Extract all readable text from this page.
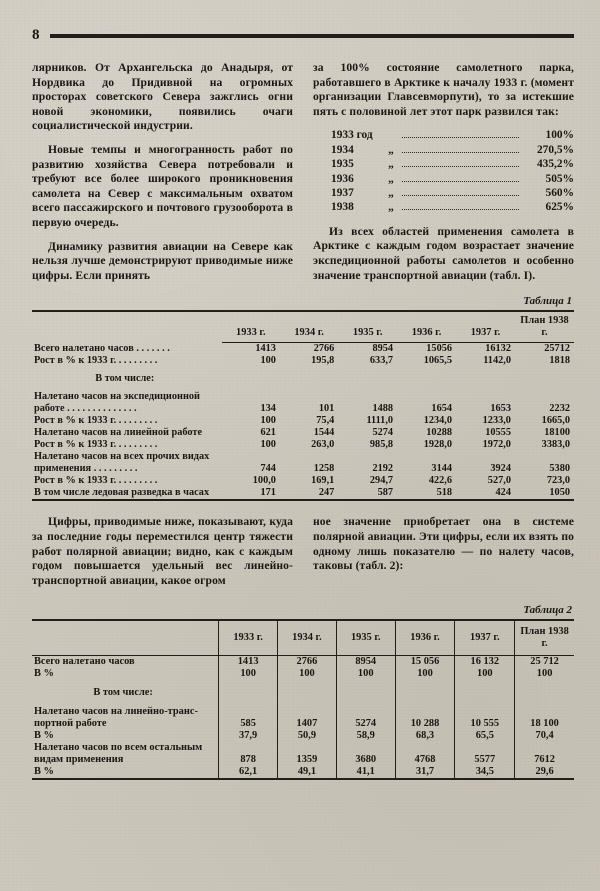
8

лярников. От Архангельска до Анадыря, от Нордвика до Придивной на огромных просторах советского Севера зажглись огни новой экономики, появились очаги социалистической индустрии.

Новые темпы и многогранность работ по развитию хозяйства Севера потребовали и требуют все более широкого проникновения самолета на Север с максимальным охватом всего пассажирского и почтового грузооборота в первую очередь.

Динамику развития авиации на Севере как нельзя лучше демонстрируют приводимые ниже цифры. Если принять

за 100% состояние самолетного парка, работавшего в Арктике к началу 1933 г. (момент организации Главсевморпути), то за истекшие пять с половиной лет этот парк развился так:

1933 год	100%
1934	„	270,5%
1935	„	435,2%
1936	„	505%
1937	„	560%
1938	„	625%

Из всех областей применения самолета в Арктике с каждым годом возрастает значение экспедиционной работы самолетов и особенно значение транспортной авиации (табл. I).

Таблица 1
	1933 г.	1934 г.	1935 г.	1936 г.	1937 г.	План 1938 г.
Всего налетано часов . . . . . . .	1413	2766	8954	15056	16132	25712
Рост в % к 1933 г. . . . . . . . .	100	195,8	633,7	1065,5	1142,0	1818

В том числе:						

Налетано часов на экспедиционной работе . . . . . . . . . . . . . .	134	101	1488	1654	1653	2232
Рост в % к 1933 г. . . . . . . . .	100	75,4	1111,0	1234,0	1233,0	1665,0
Налетано часов на линейной работе	621	1544	5274	10288	10555	18100
Рост в % к 1933 г. . . . . . . . .	100	263,0	985,8	1928,0	1972,0	3383,0
Налетано часов на всех прочих видах применения . . . . . . . . .	744	1258	2192	3144	3924	5380
Рост в % к 1933 г. . . . . . . . .	100,0	169,1	294,7	422,6	527,0	723,0
В том числе ледовая разведка в часах	171	247	587	518	424	1050

Цифры, приводимые ниже, показывают, куда за последние годы переместился центр тяжести работ полярной авиации; видно, как с каждым годом повышается удельный вес линейно-транспортной авиации, какое огром

ное значение приобретает она в системе полярной авиации. Эти цифры, если их взять по одному лишь показателю — по налету часов, таковы (табл. 2):

Таблица 2
	1933 г.	1934 г.	1935 г.	1936 г.	1937 г.	План 1938 г.
Всего налетано часов	1413	2766	8954	15 056	16 132	25 712
В %	100	100	100	100	100	100

В том числе:						

Налетано часов на линейно-транспортной работе	585	1407	5274	10 288	10 555	18 100
В %	37,9	50,9	58,9	68,3	65,5	70,4
Налетано часов по всем остальным видам применения	878	1359	3680	4768	5577	7612
В %	62,1	49,1	41,1	31,7	34,5	29,6
